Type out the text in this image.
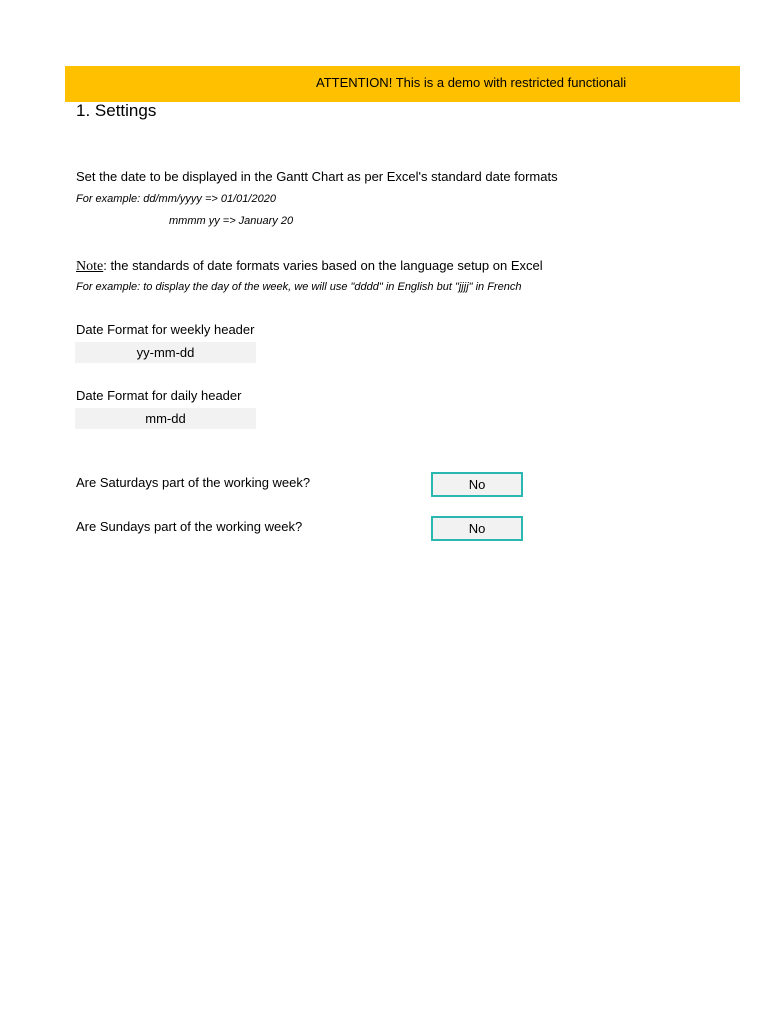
ATTENTION! This is a demo with restricted functionali
1. Settings
Set the date to be displayed in the Gantt Chart as per Excel's standard date formats
For example: dd/mm/yyyy => 01/01/2020
mmmm yy => January 20
Note: the standards of date formats varies based on the language setup on Excel
For example: to display the day of the week, we will use "dddd" in English but "jjjj" in French
Date Format for weekly header
yy-mm-dd
Date Format for daily header
mm-dd
Are Saturdays part of the working week?	No
Are Sundays part of the working week?	No
